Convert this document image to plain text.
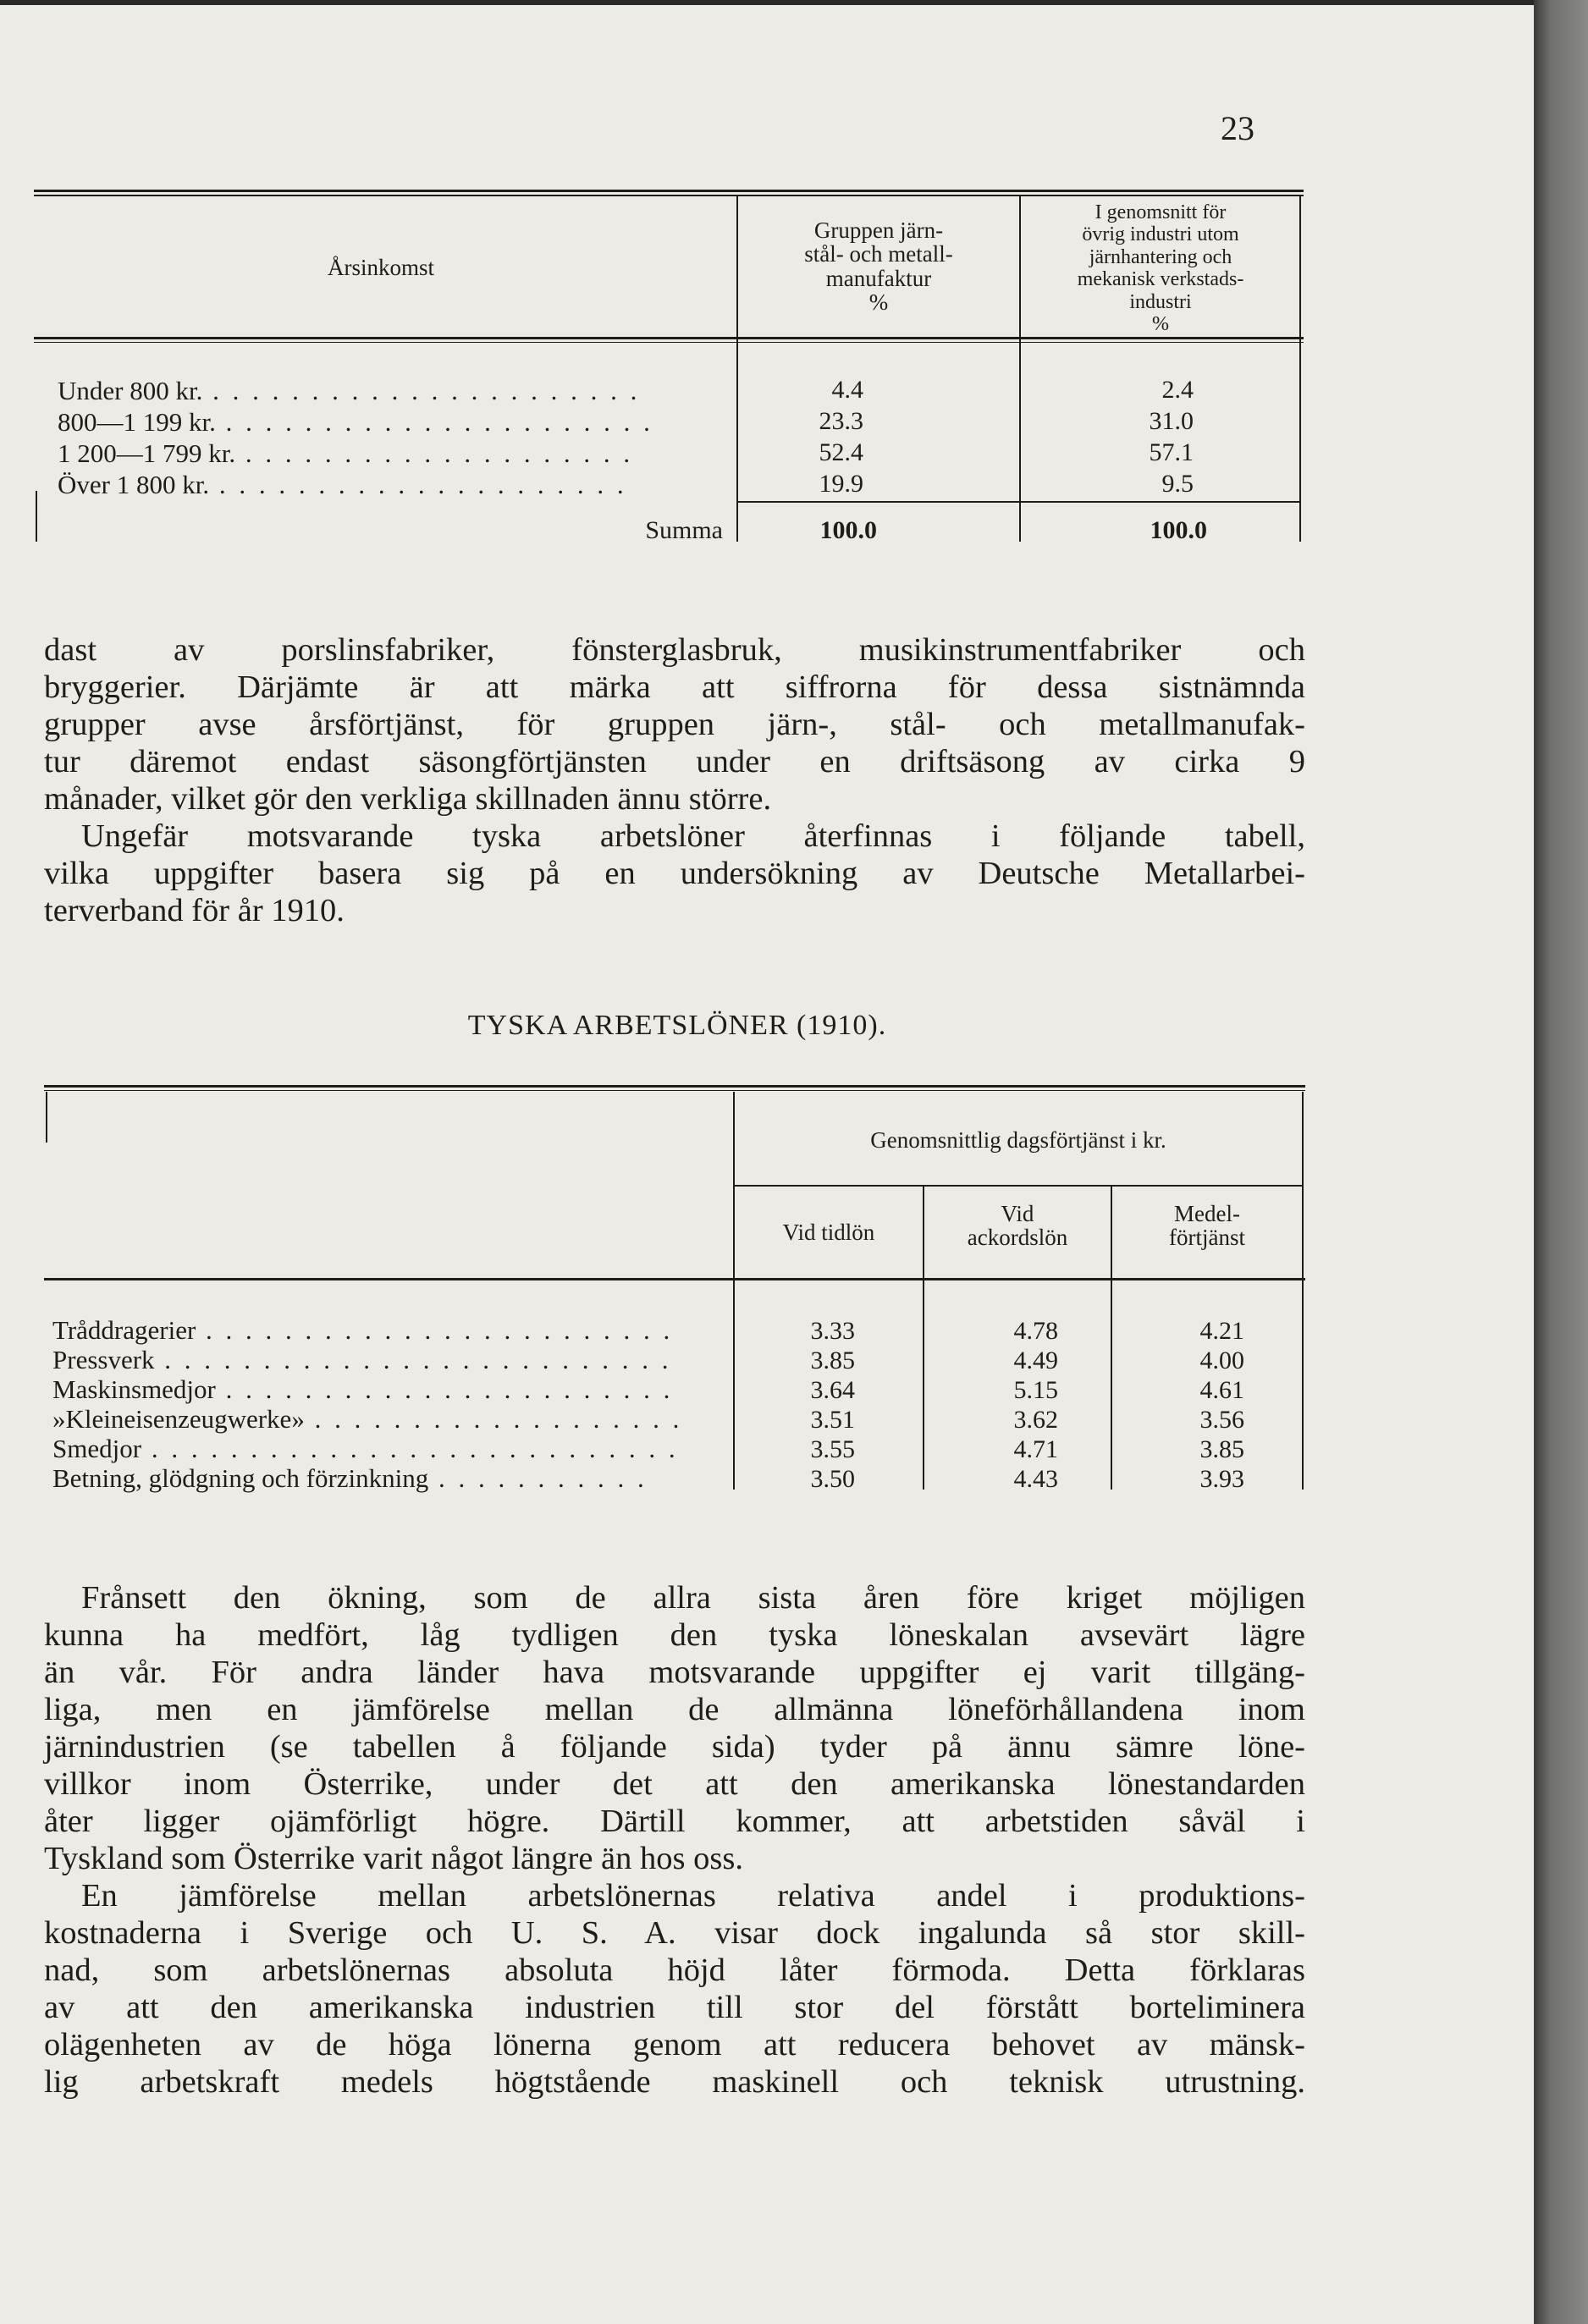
23
Årsinkomst
Gruppen järn-
stål- och metall-
manufaktur
%
I genomsnitt för
övrig industri utom
järnhantering och
mekanisk verkstads-
industri
%
Under 800 kr. . . . . . . . . . . . . . . . . . . . . . .	4.4	2.4
800—1 199 kr. . . . . . . . . . . . . . . . . . . . . . .	23.3	31.0
1 200—1 799 kr. . . . . . . . . . . . . . . . . . . . .	52.4	57.1
Över 1 800 kr. . . . . . . . . . . . . . . . . . . . . .	19.9	9.5
Summa	100.0	100.0

dast av porslinsfabriker, fönsterglasbruk, musikinstrumentfabriker och

bryggerier. Därjämte är att märka att siffrorna för dessa sistnämnda

grupper avse årsförtjänst, för gruppen järn-, stål- och metallmanufak-

tur däremot endast säsongförtjänsten under en driftsäsong av cirka 9

månader, vilket gör den verkliga skillnaden ännu större.

Ungefär motsvarande tyska arbetslöner återfinnas i följande tabell,

vilka uppgifter basera sig på en undersökning av Deutsche Metallarbei-

terverband för år 1910.

TYSKA ARBETSLÖNER (1910).
Genomsnittlig dagsförtjänst i kr.
Vid tidlön
Vid
ackordslön
Medel-
förtjänst
Tråddragerier . . . . . . . . . . . . . . . . . . . . . . . .	3.33	4.78	4.21
Pressverk . . . . . . . . . . . . . . . . . . . . . . . . . .	3.85	4.49	4.00
Maskinsmedjor . . . . . . . . . . . . . . . . . . . . . . .	3.64	5.15	4.61
»Kleineisenzeugwerke» . . . . . . . . . . . . . . . . . . .	3.51	3.62	3.56
Smedjor . . . . . . . . . . . . . . . . . . . . . . . . . . .	3.55	4.71	3.85
Betning, glödgning och förzinkning . . . . . . . . . . .	3.50	4.43	3.93

Frånsett den ökning, som de allra sista åren före kriget möjligen

kunna ha medfört, låg tydligen den tyska löneskalan avsevärt lägre

än vår. För andra länder hava motsvarande uppgifter ej varit tillgäng-

liga, men en jämförelse mellan de allmänna löneförhållandena inom

järnindustrien (se tabellen å följande sida) tyder på ännu sämre löne-

villkor inom Österrike, under det att den amerikanska lönestandarden

åter ligger ojämförligt högre. Därtill kommer, att arbetstiden såväl i

Tyskland som Österrike varit något längre än hos oss.

En jämförelse mellan arbetslönernas relativa andel i produktions-

kostnaderna i Sverige och U. S. A. visar dock ingalunda så stor skill-

nad, som arbetslönernas absoluta höjd låter förmoda. Detta förklaras

av att den amerikanska industrien till stor del förstått borteliminera

olägenheten av de höga lönerna genom att reducera behovet av mänsk-

lig arbetskraft medels högtstående maskinell och teknisk utrustning.
